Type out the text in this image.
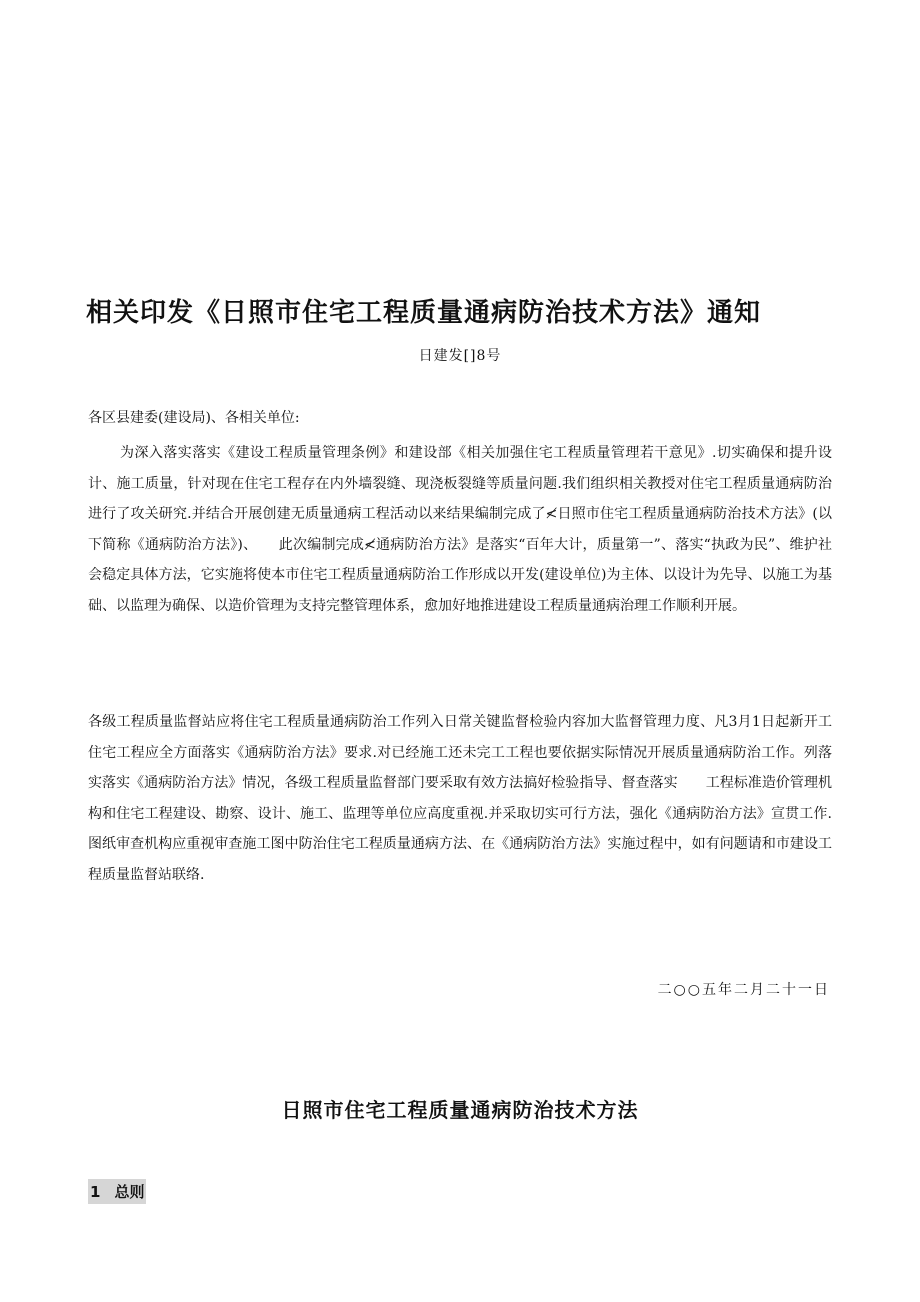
相关印发《日照市住宅工程质量通病防治技术方法》通知
日建发[]8号
各区县建委(建设局)、各相关单位:

为深入落实落实《建设工程质量管理条例》和建设部《相关加强住宅工程质量管理若干意见》.切实确保和提升设计、施工质量，针对现在住宅工程存在内外墙裂缝、现浇板裂缝等质量问题.我们组织相关教授对住宅工程质量通病防治进行了攻关研究.并结合开展创建无质量通病工程活动以来结果编制完成了≮日照市住宅工程质量通病防治技术方法》(以下简称《通病防治方法》)、　　此次编制完成≮通病防治方法》是落实“百年大计，质量第一”、落实“执政为民”、维护社会稳定具体方法，它实施将使本市住宅工程质量通病防治工作形成以开发(建设单位)为主体、以设计为先导、以施工为基础、以监理为确保、以造价管理为支持完整管理体系，愈加好地推进建设工程质量通病治理工作顺利开展。

各级工程质量监督站应将住宅工程质量通病防治工作列入日常关键监督检验内容加大监督管理力度、凡3月1日起新开工住宅工程应全方面落实《通病防治方法》要求.对已经施工还未完工工程也要依据实际情况开展质量通病防治工作。列落实落实《通病防治方法》情况，各级工程质量监督部门要采取有效方法搞好检验指导、督查落实　　工程标准造价管理机构和住宅工程建设、勘察、设计、施工、监理等单位应高度重视.并采取切实可行方法，强化《通病防治方法》宣贯工作.图纸审查机构应重视审查施工图中防治住宅工程质量通病方法、在《通病防治方法》实施过程中，如有问题请和市建设工程质量监督站联络.

二○○五年二月二十一日
日照市住宅工程质量通病防治技术方法
1 总则
